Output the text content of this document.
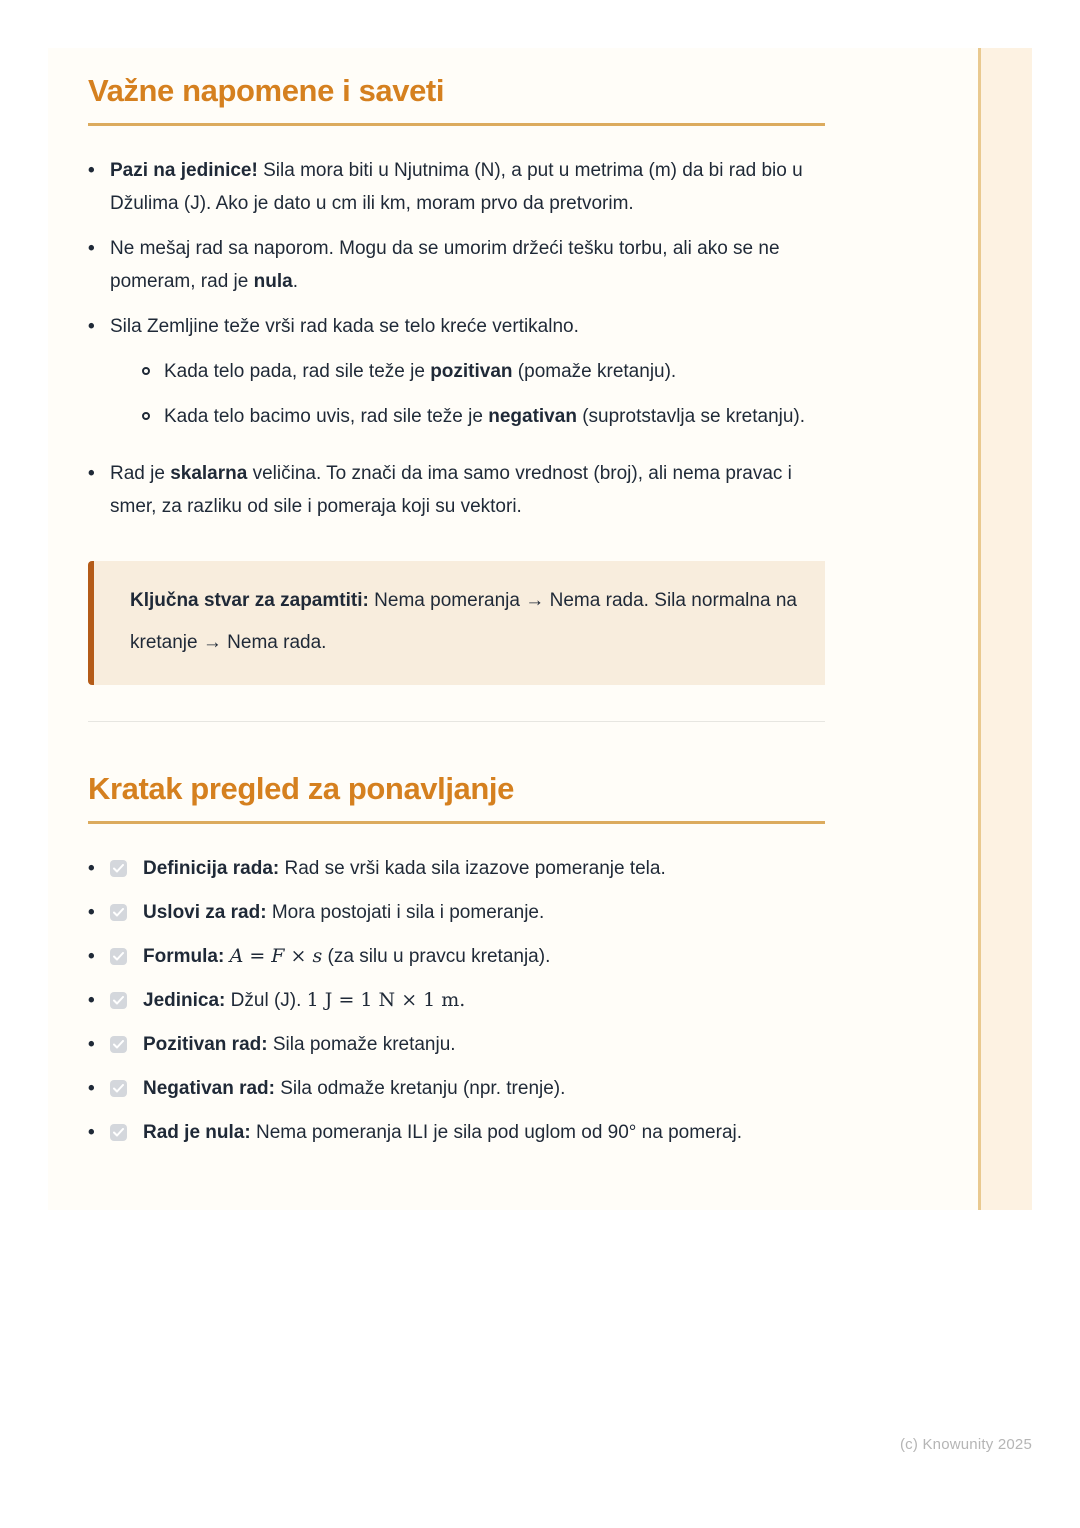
Važne napomene i saveti
•
Pazi na jedinice! Sila mora biti u Njutnima (N), a put u metrima (m) da bi rad bio u Džulima (J). Ako je dato u cm ili km, moram prvo da pretvorim.
•
Ne mešaj rad sa naporom. Mogu da se umorim držeći tešku torbu, ali ako se ne pomeram, rad je nula.
•
Sila Zemljine teže vrši rad kada se telo kreće vertikalno.
Kada telo pada, rad sile teže je pozitivan (pomaže kretanju).
Kada telo bacimo uvis, rad sile teže je negativan (suprotstavlja se kretanju).
•
Rad je skalarna veličina. To znači da ima samo vrednost (broj), ali nema pravac i smer, za razliku od sile i pomeraja koji su vektori.

Ključna stvar za zapamtiti: Nema pomeranja → Nema rada. Sila normalna na kretanje → Nema rada.

Kratak pregled za ponavljanje
•
Definicija rada: Rad se vrši kada sila izazove pomeranje tela.
•
Uslovi za rad: Mora postojati i sila i pomeranje.
•
Formula: A = F × s (za silu u pravcu kretanja).
•
Jedinica: Džul (J). 1 J = 1 N × 1 m.
•
Pozitivan rad: Sila pomaže kretanju.
•
Negativan rad: Sila odmaže kretanju (npr. trenje).
•
Rad je nula: Nema pomeranja ILI je sila pod uglom od 90° na pomeraj.
(c) Knowunity 2025
